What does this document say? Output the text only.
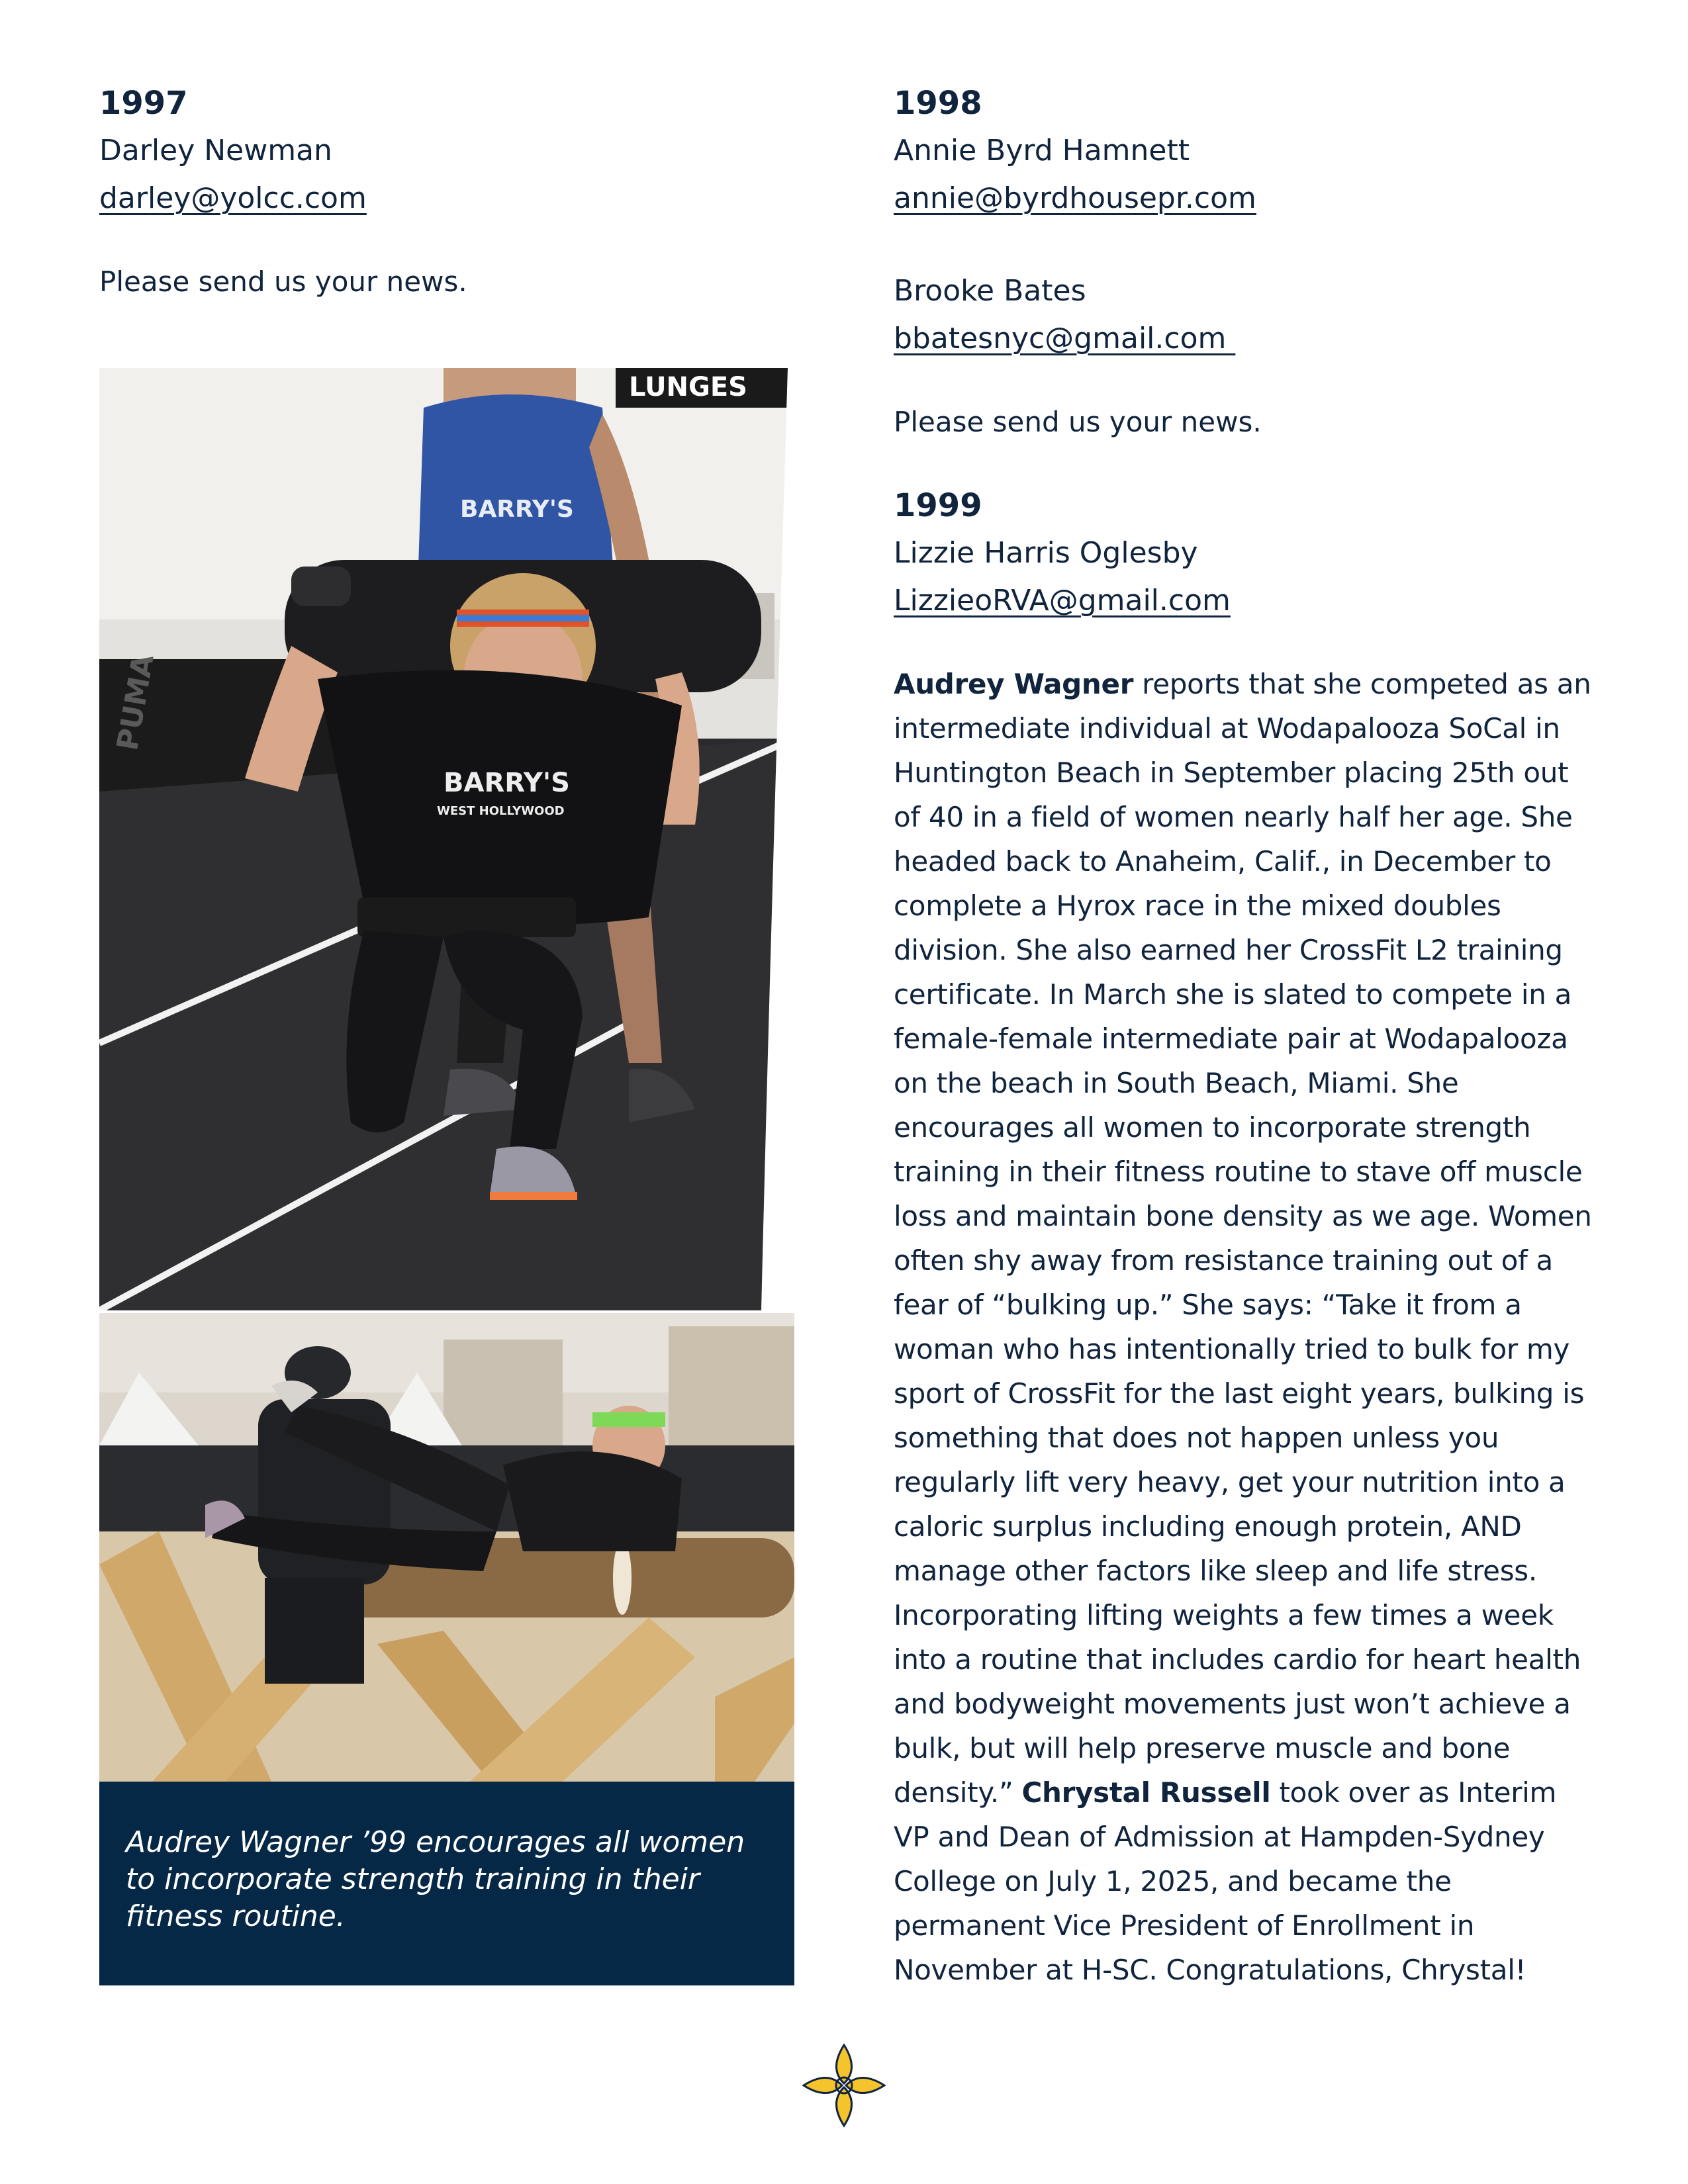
1997

Darley Newman

darley@yolcc.com

Please send us your news.

LUNGES
PUMA
BARRY'S
BARRY'S
WEST HOLLYWOOD

Audrey Wagner ’99 encourages all women to incorporate strength training in their fitness routine.

1998

Annie Byrd Hamnett

annie@byrdhousepr.com

Brooke Bates

bbatesnyc@gmail.com

Please send us your news.

1999

Lizzie Harris Oglesby

LizzieoRVA@gmail.com

Audrey Wagner reports that she competed as an intermediate individual at Wodapalooza SoCal in Huntington Beach in September placing 25th out of 40 in a field of women nearly half her age. She headed back to Anaheim, Calif., in December to complete a Hyrox race in the mixed doubles division. She also earned her CrossFit L2 training certificate. In March she is slated to compete in a female-female intermediate pair at Wodapalooza on the beach in South Beach, Miami. She encourages all women to incorporate strength training in their fitness routine to stave off muscle loss and maintain bone density as we age. Women often shy away from resistance training out of a fear of “bulking up.” She says: “Take it from a woman who has intentionally tried to bulk for my sport of CrossFit for the last eight years, bulking is something that does not happen unless you regularly lift very heavy, get your nutrition into a caloric surplus including enough protein, AND manage other factors like sleep and life stress. Incorporating lifting weights a few times a week into a routine that includes cardio for heart health and bodyweight movements just won’t achieve a bulk, but will help preserve muscle and bone density.” Chrystal Russell took over as Interim VP and Dean of Admission at Hampden-Sydney College on July 1, 2025, and became the permanent Vice President of Enrollment in November at H-SC. Congratulations, Chrystal!
